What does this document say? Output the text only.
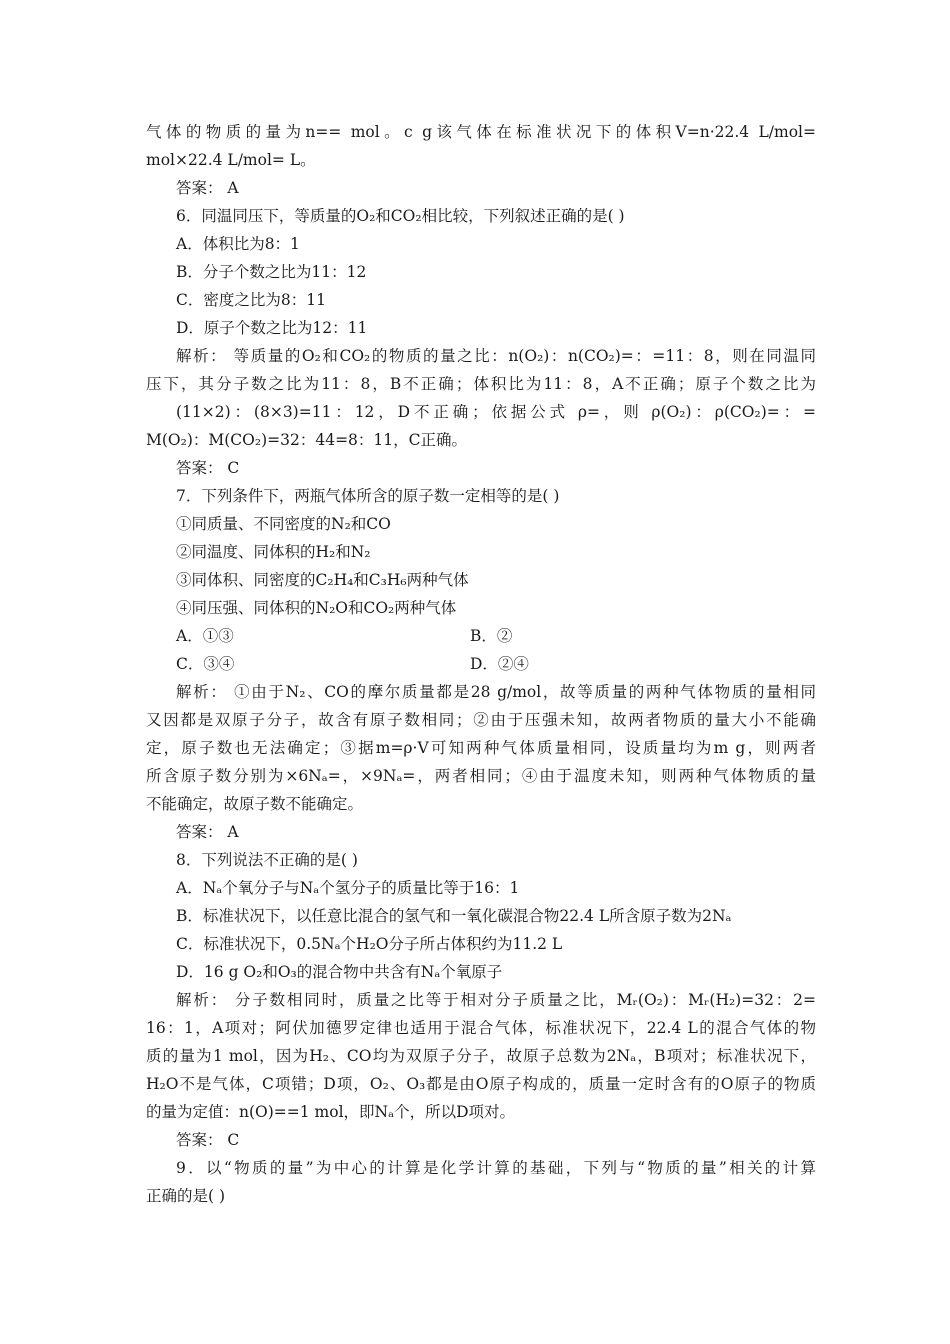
气体的物质的量为n== mol。c g该气体在标准状况下的体积V=n·22.4 L/mol=
mol×22.4 L/mol= L。
答案： A
6．同温同压下，等质量的O₂和CO₂相比较，下列叙述正确的是( )
A．体积比为8：1
B．分子个数之比为11：12
C．密度之比为8：11
D．原子个数之比为12：11
解析： 等质量的O₂和CO₂的物质的量之比：n(O₂)：n(CO₂)=：=11：8，则在同温同
压下，其分子数之比为11：8，B不正确；体积比为11：8，A不正确；原子个数之比为
(11×2)：(8×3)=11：12，D不正确；依据公式 ρ=，则 ρ(O₂)：ρ(CO₂)=：=
M(O₂)：M(CO₂)=32：44=8：11，C正确。
答案： C
7．下列条件下，两瓶气体所含的原子数一定相等的是( )
①同质量、不同密度的N₂和CO
②同温度、同体积的H₂和N₂
③同体积、同密度的C₂H₄和C₃H₆两种气体
④同压强、同体积的N₂O和CO₂两种气体
A．①③	B．②
C．③④	D．②④
解析： ①由于N₂、CO的摩尔质量都是28 g/mol，故等质量的两种气体物质的量相同
又因都是双原子分子，故含有原子数相同；②由于压强未知，故两者物质的量大小不能确
定，原子数也无法确定；③据m=ρ·V可知两种气体质量相同，设质量均为m g，则两者
所含原子数分别为×6Nₐ=，×9Nₐ=，两者相同；④由于温度未知，则两种气体物质的量
不能确定，故原子数不能确定。
答案： A
8．下列说法不正确的是( )
A．Nₐ个氧分子与Nₐ个氢分子的质量比等于16：1
B．标准状况下，以任意比混合的氢气和一氧化碳混合物22.4 L所含原子数为2Nₐ
C．标准状况下，0.5Nₐ个H₂O分子所占体积约为11.2 L
D．16 g O₂和O₃的混合物中共含有Nₐ个氧原子
解析： 分子数相同时，质量之比等于相对分子质量之比，Mᵣ(O₂)：Mᵣ(H₂)=32：2=
16：1，A项对；阿伏加德罗定律也适用于混合气体，标准状况下，22.4 L的混合气体的物
质的量为1 mol，因为H₂、CO均为双原子分子，故原子总数为2Nₐ，B项对；标准状况下，
H₂O不是气体，C项错；D项，O₂、O₃都是由O原子构成的，质量一定时含有的O原子的物质
的量为定值：n(O)==1 mol，即Nₐ个，所以D项对。
答案： C
9．以“物质的量”为中心的计算是化学计算的基础，下列与“物质的量”相关的计算
正确的是( )
